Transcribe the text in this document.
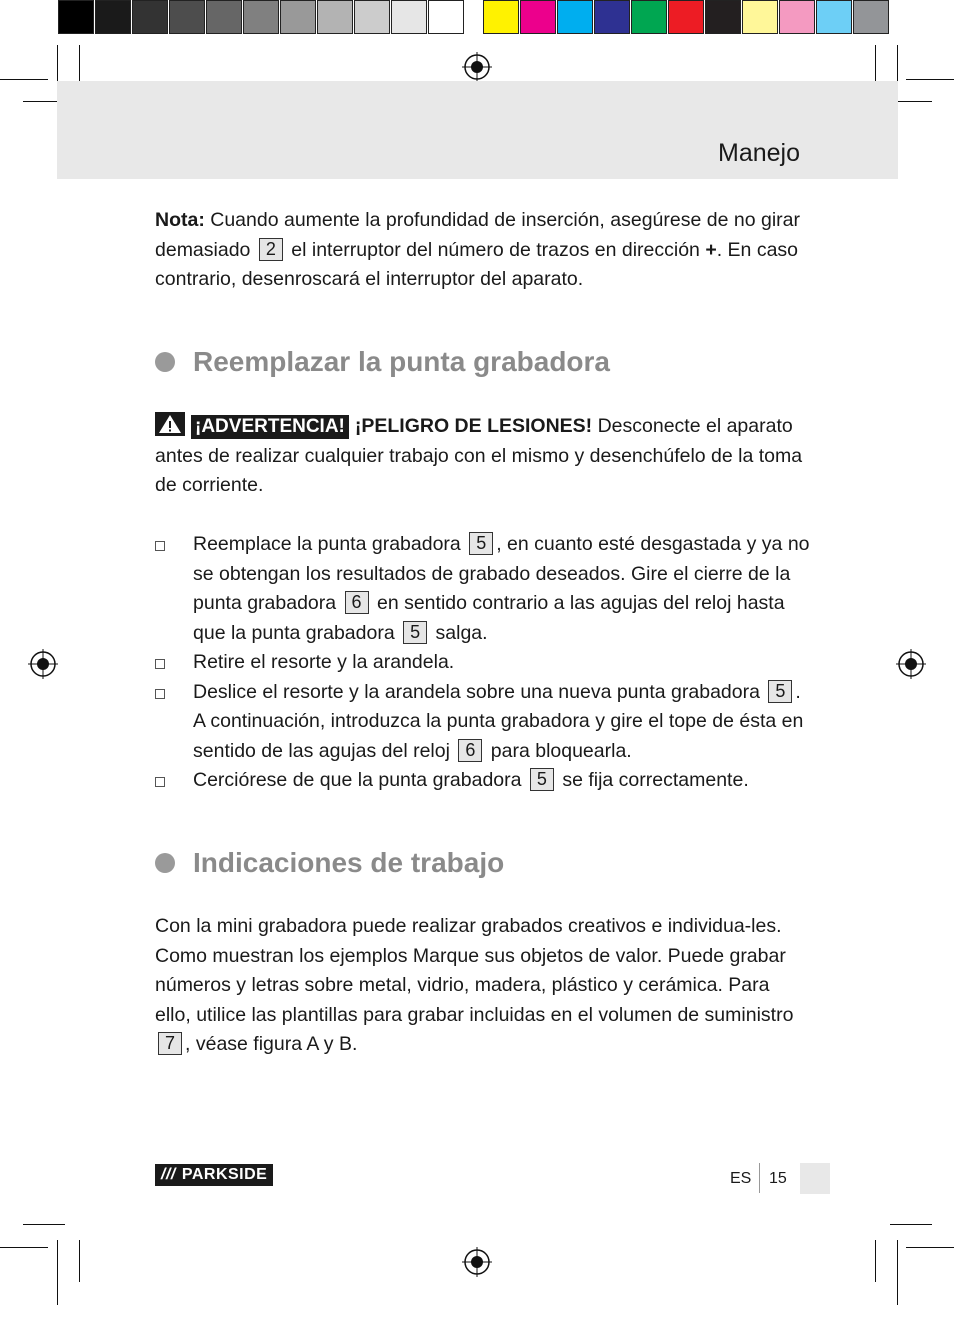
Manejo
Nota: Cuando aumente la profundidad de inserción, asegúrese de no girar demasiado 2 el interruptor del número de trazos en dirección +. En caso contrario, desenroscará el interruptor del aparato.
Reemplazar la punta grabadora
¡ADVERTENCIA! ¡PELIGRO DE LESIONES! Desconecte el aparato antes de realizar cualquier trabajo con el mismo y desenchúfelo de la toma de corriente.
Reemplace la punta grabadora 5 , en cuanto esté desgastada y ya no se obtengan los resultados de grabado deseados. Gire el cierre de la punta grabadora 6 en sentido contrario a las agujas del reloj hasta que la punta grabadora 5 salga.
Retire el resorte y la arandela.
Deslice el resorte y la arandela sobre una nueva punta grabadora 5 . A continuación, introduzca la punta grabadora y gire el tope de ésta en sentido de las agujas del reloj 6 para bloquearla.
Cerciórese de que la punta grabadora 5 se fija correctamente.
Indicaciones de trabajo
Con la mini grabadora puede realizar grabados creativos e individua-les. Como muestran los ejemplos Marque sus objetos de valor. Puede grabar números y letras sobre metal, vidrio, madera, plástico y cerámica. Para ello, utilice las plantillas para grabar incluidas en el volumen de suministro 7 , véase figura A y B.
/// PARKSIDE	ES 15
